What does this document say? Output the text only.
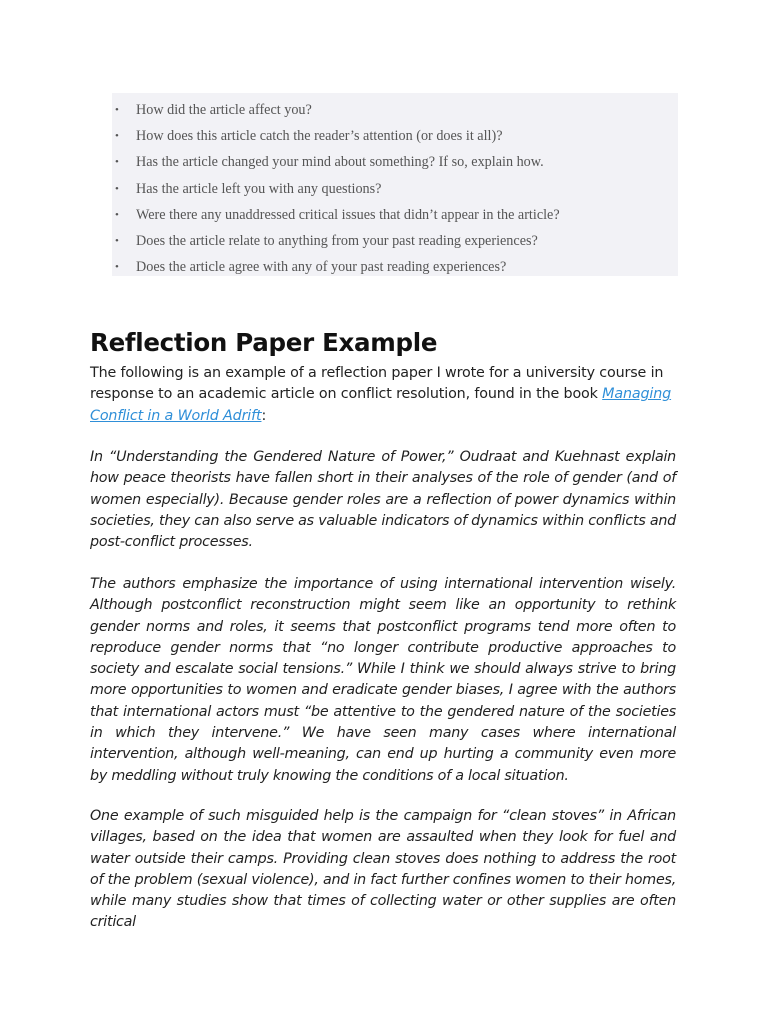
• How did the article affect you?
• How does this article catch the reader’s attention (or does it all)?
• Has the article changed your mind about something? If so, explain how.
• Has the article left you with any questions?
• Were there any unaddressed critical issues that didn’t appear in the article?
• Does the article relate to anything from your past reading experiences?
• Does the article agree with any of your past reading experiences?
Reflection Paper Example

The following is an example of a reflection paper I wrote for a university course in response to an academic article on conflict resolution, found in the book Managing Conflict in a World Adrift:

In “Understanding the Gendered Nature of Power,” Oudraat and Kuehnast explain how peace theorists have fallen short in their analyses of the role of gender (and of women especially). Because gender roles are a reflection of power dynamics within societies, they can also serve as valuable indicators of dynamics within conflicts and post-conflict processes.

The authors emphasize the importance of using international intervention wisely. Although postconflict reconstruction might seem like an opportunity to rethink gender norms and roles, it seems that postconflict programs tend more often to reproduce gender norms that “no longer contribute productive approaches to society and escalate social tensions.” While I think we should always strive to bring more opportunities to women and eradicate gender biases, I agree with the authors that international actors must “be attentive to the gendered nature of the societies in which they intervene.” We have seen many cases where international intervention, although well-meaning, can end up hurting a community even more by meddling without truly knowing the conditions of a local situation.

One example of such misguided help is the campaign for “clean stoves” in African villages, based on the idea that women are assaulted when they look for fuel and water outside their camps. Providing clean stoves does nothing to address the root of the problem (sexual violence), and in fact further confines women to their homes, while many studies show that times of collecting water or other supplies are often critical
